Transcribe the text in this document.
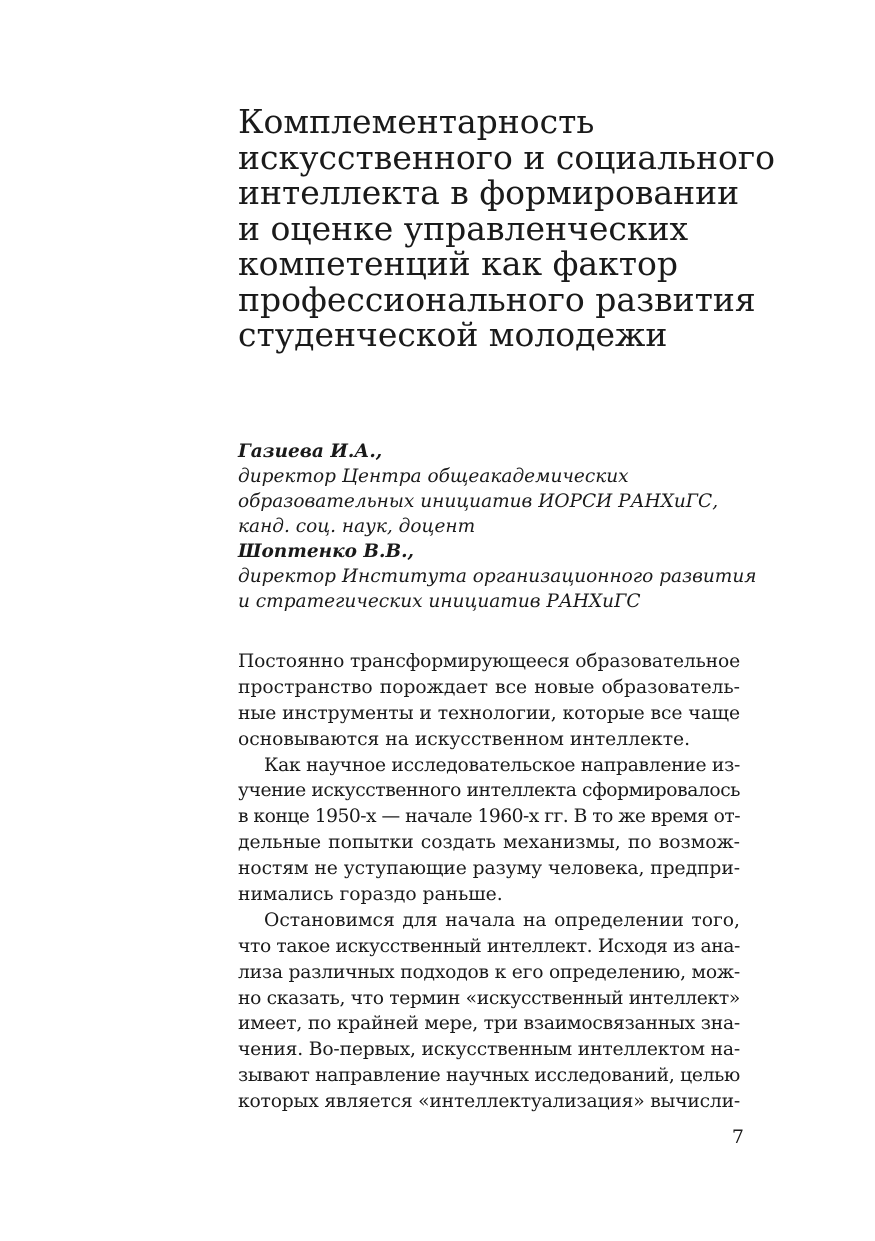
Комплементарность
искусственного и социального
интеллекта в формировании
и оценке управленческих
компетенций как фактор
профессионального развития
студенческой молодежи
Газиева И.А.,
директор Центра общеакадемических
образовательных инициатив ИОРСИ РАНХиГС,
канд. соц. наук, доцент
Шоптенко В.В.,
директор Института организационного развития
и стратегических инициатив РАНХиГС
Постоянно трансформирующееся образовательное
пространство порождает все новые образователь-
ные инструменты и технологии, которые все чаще
основываются на искусственном интеллекте.
Как научное исследовательское направление из-
учение искусственного интеллекта сформировалось
в конце 1950-х — начале 1960-х гг. В то же время от-
дельные попытки создать механизмы, по возмож-
ностям не уступающие разуму человека, предпри-
нимались гораздо раньше.
Остановимся для начала на определении того,
что такое искусственный интеллект. Исходя из ана-
лиза различных подходов к его определению, мож-
но сказать, что термин «искусственный интеллект»
имеет, по крайней мере, три взаимосвязанных зна-
чения. Во-первых, искусственным интеллектом на-
зывают направление научных исследований, целью
которых является «интеллектуализация» вычисли-
7
